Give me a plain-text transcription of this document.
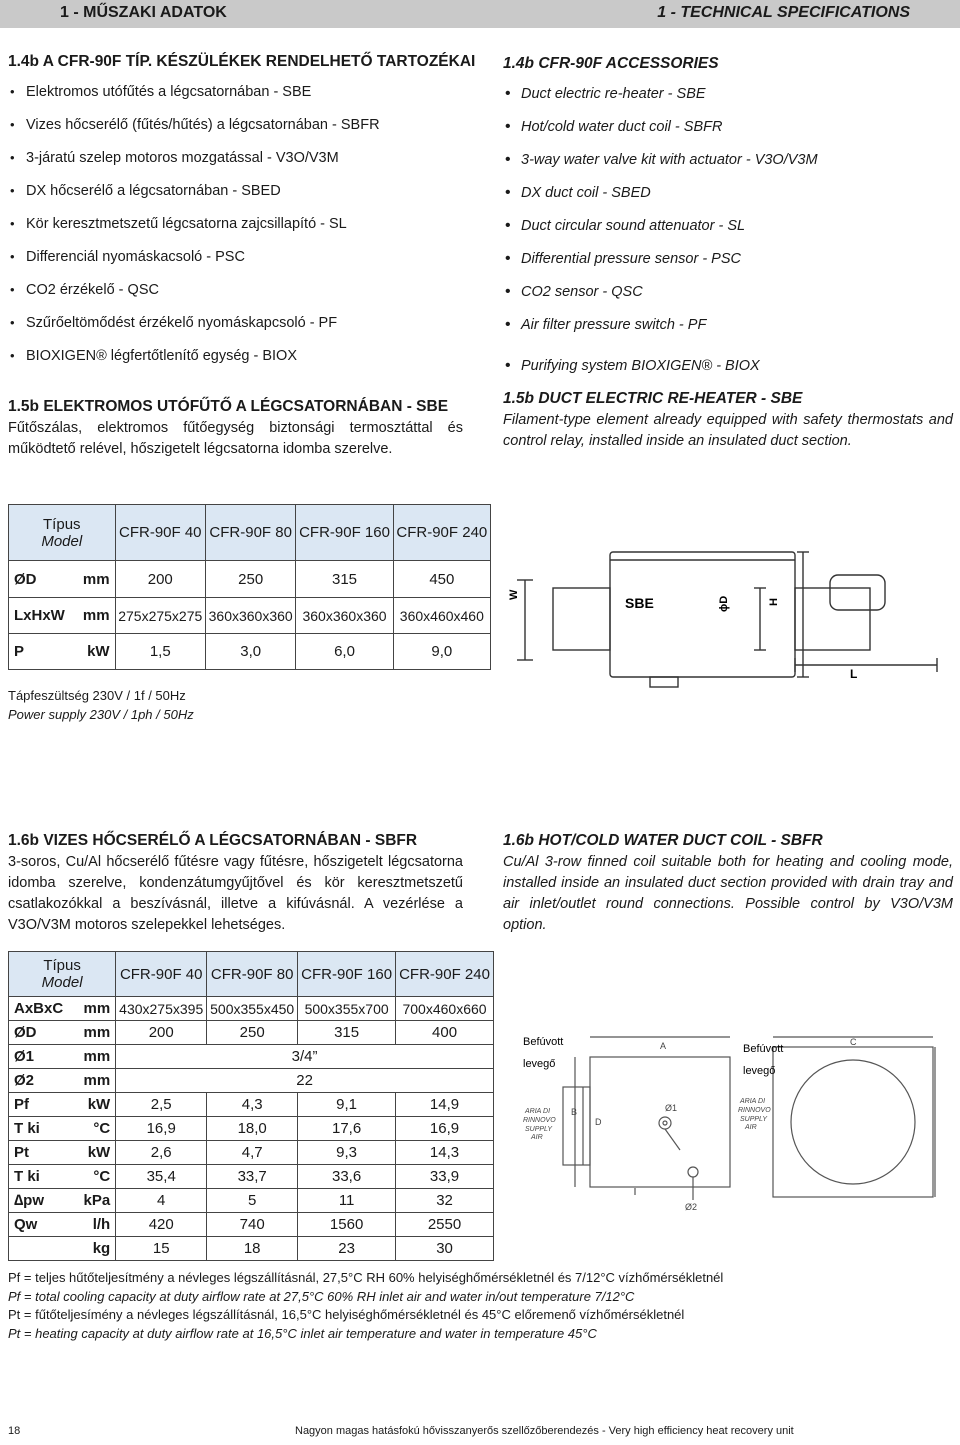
1 - MŰSZAKI ADATOK	1 - TECHNICAL SPECIFICATIONS

1.4b A CFR-90F TÍP. KÉSZÜLÉKEK RENDELHETŐ TARTOZÉKAI

• Elektromos utófűtés a légcsatornában - SBE
• Vizes hőcserélő (fűtés/hűtés) a légcsatornában - SBFR
• 3-járatú szelep motoros mozgatással - V3O/V3M
• DX hőcserélő a légcsatornában - SBED
• Kör keresztmetszetű légcsatorna zajcsillapító - SL
• Differenciál nyomáskacsoló - PSC
• CO2 érzékelő - QSC
• Szűrőeltömődést érzékelő nyomáskapcsoló - PF
• BIOXIGEN® légfertőtlenítő egység - BIOX

1.4b CFR-90F ACCESSORIES

• Duct electric re-heater - SBE
• Hot/cold water duct coil - SBFR
• 3-way water valve kit with actuator - V3O/V3M
• DX duct coil - SBED
• Duct circular sound attenuator - SL
• Differential pressure sensor - PSC
• CO2 sensor - QSC
• Air filter pressure switch - PF
• Purifying system BIOXIGEN® - BIOX

1.5b ELEKTROMOS UTÓFŰTŐ A LÉGCSATORNÁBAN - SBE

Fűtőszálas, elektromos fűtőegység biztonsági termosztáttal és működtető relével, hőszigetelt légcsatorna idomba szerelve.

1.5b DUCT ELECTRIC RE-HEATER - SBE

Filament-type element already equipped with safety thermostats and control relay, installed inside an insulated duct section.

Típus
Model		CFR-90F 40	CFR-90F 80	CFR-90F 160	CFR-90F 240
ØD	mm	200	250	315	450
LxHxW	mm	275x275x275	360x360x360	360x360x360	360x460x460
P	kW	1,5	3,0	6,0	9,0
Tápfeszültség 230V / 1f / 50Hz
Power supply 230V / 1ph / 50Hz
W
SBE	ϕD	H
L

1.6b VIZES HŐCSERÉLŐ A LÉGCSATORNÁBAN - SBFR

3-soros, Cu/Al hőcserélő fűtésre vagy fűtésre, hőszigetelt légcsatorna idomba szerelve, kondenzátumgyűjtővel és kör keresztmetszetű csatlakozókkal a beszívásnál, illetve a kifúvásnál. A vezérlése a V3O/V3M motoros szelepekkel lehetséges.

1.6b HOT/COLD WATER DUCT COIL - SBFR

Cu/Al 3-row finned coil suitable both for heating and cooling mode, installed inside an insulated duct section provided with drain tray and air inlet/outlet round connections. Possible control by V3O/V3M option.

Típus
Model		CFR-90F 40	CFR-90F 80	CFR-90F 160	CFR-90F 240
AxBxC	mm	430x275x395	500x355x450	500x355x700	700x460x660
ØD	mm	200	250	315	400
Ø1	mm	3/4”			
Ø2	mm	22			
Pf	kW	2,5	4,3	9,1	14,9
T ki	°C	16,9	18,0	17,6	16,9
Pt	kW	2,6	4,7	9,3	14,3
T ki	°C	35,4	33,7	33,6	33,9
∆pw	kPa	4	5	11	32
Qw	l/h	420	740	1560	2550
	kg	15	18	23	30
Befúvott
levegő
ARIA DI
RINNOVO
SUPPLY
AIR
Befúvott
levegő
ARIA DI
RINNOVO
SUPPLY
AIR
A
B
D
C
Ø1
Ø2
Pf = teljes hűtőteljesítmény a névleges légszállításnál, 27,5°C RH 60% helyiséghőmérsékletnél és 7/12°C vízhőmérsékletnél
Pf = total cooling capacity at duty airflow rate at 27,5°C 60% RH inlet air and water in/out temperature 7/12°C
Pt = fűtőteljesímény a névleges légszállításnál, 16,5°C helyiséghőmérsékletnél és 45°C előremenő vízhőmérsékletnél
Pt = heating capacity at duty airflow rate at 16,5°C inlet air temperature and water in temperature 45°C
18	Nagyon magas hatásfokú hővisszanyerős szellőzőberendezés - Very high efficiency heat recovery unit
